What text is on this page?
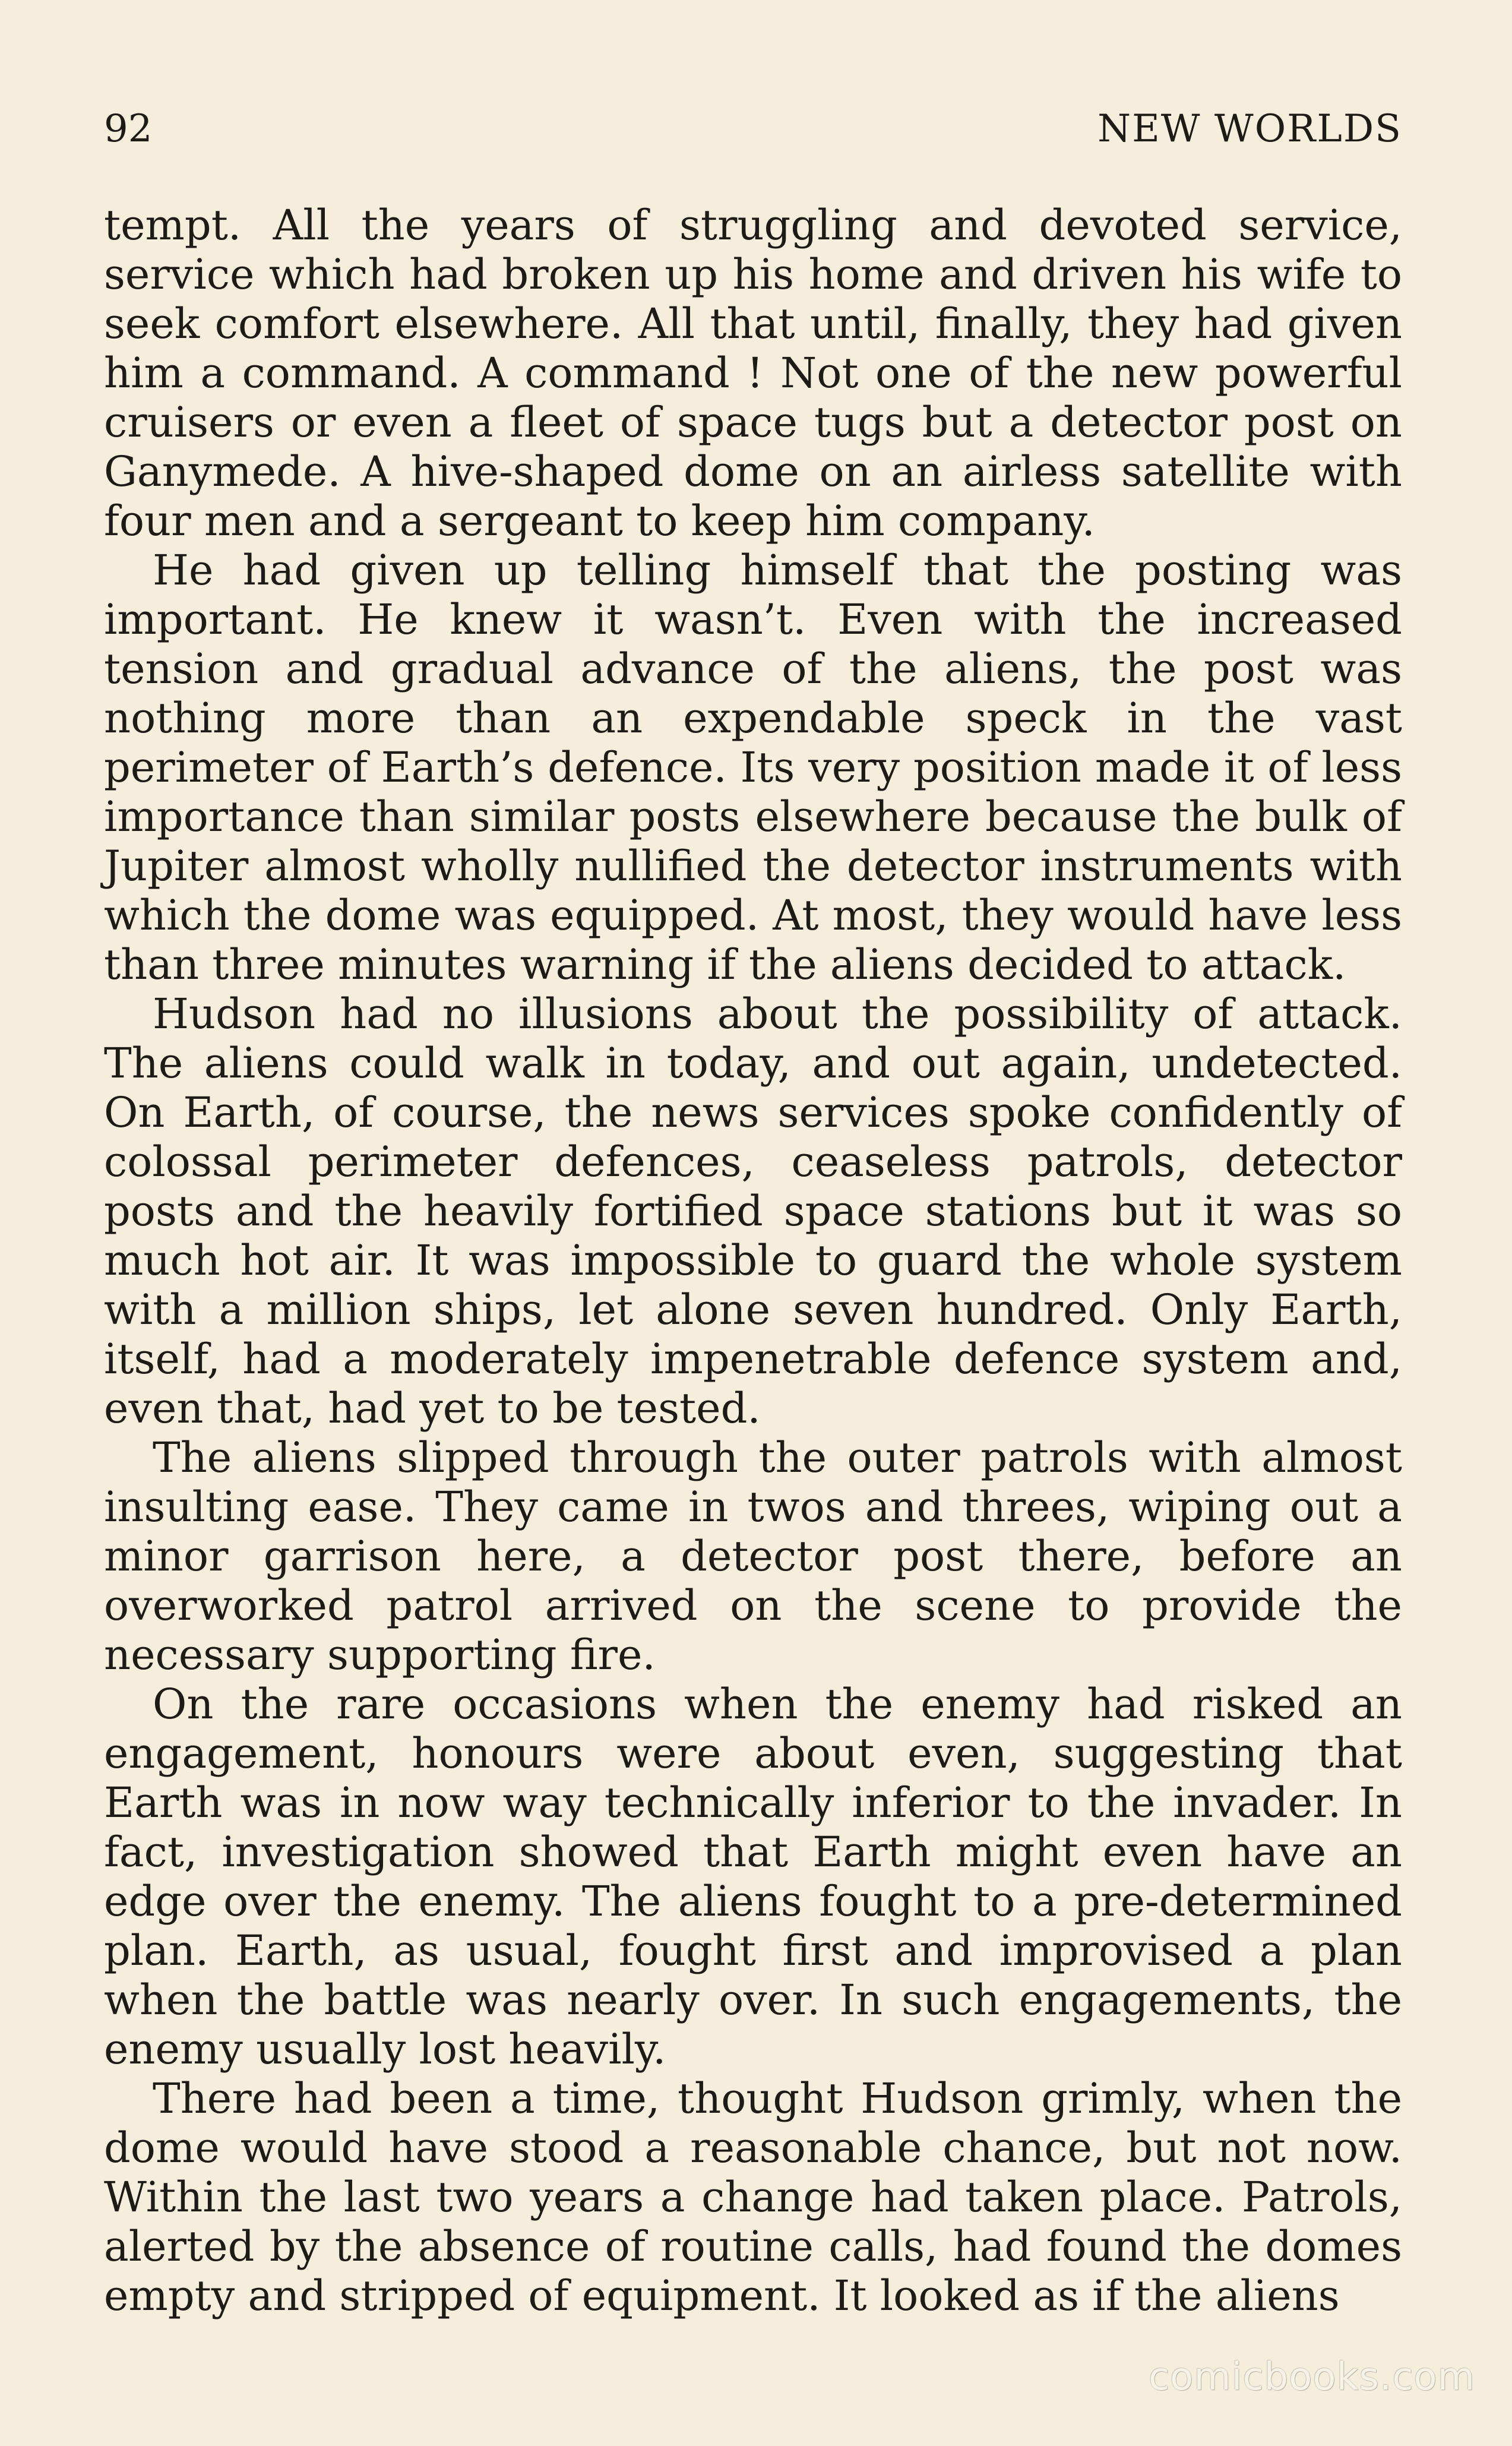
92	NEW WORLDS

tempt. All the years of struggling and devoted service, service which had broken up his home and driven his wife to seek comfort elsewhere. All that until, finally, they had given him a command. A command ! Not one of the new powerful cruisers or even a fleet of space tugs but a detector post on Ganymede. A hive-shaped dome on an airless satellite with four men and a sergeant to keep him company.

He had given up telling himself that the posting was important. He knew it wasn’t. Even with the increased tension and gradual advance of the aliens, the post was nothing more than an expendable speck in the vast perimeter of Earth’s defence. Its very position made it of less importance than similar posts elsewhere because the bulk of Jupiter almost wholly nullified the detector instruments with which the dome was equipped. At most, they would have less than three minutes warning if the aliens decided to attack.

Hudson had no illusions about the possibility of attack. The aliens could walk in today, and out again, undetected. On Earth, of course, the news services spoke confidently of colossal perimeter defences, ceaseless patrols, detector posts and the heavily fortified space stations but it was so much hot air. It was impossible to guard the whole system with a million ships, let alone seven hundred. Only Earth, itself, had a moderately impenetrable defence system and, even that, had yet to be tested.

The aliens slipped through the outer patrols with almost insulting ease. They came in twos and threes, wiping out a minor garrison here, a detector post there, before an overworked patrol arrived on the scene to provide the necessary supporting fire.

On the rare occasions when the enemy had risked an engagement, honours were about even, suggesting that Earth was in now way technically inferior to the invader. In fact, investigation showed that Earth might even have an edge over the enemy. The aliens fought to a pre-determined plan. Earth, as usual, fought first and improvised a plan when the battle was nearly over. In such engagements, the enemy usually lost heavily.

There had been a time, thought Hudson grimly, when the dome would have stood a reasonable chance, but not now. Within the last two years a change had taken place. Patrols, alerted by the absence of routine calls, had found the domes empty and stripped of equipment. It looked as if the aliens

comicbooks.com
